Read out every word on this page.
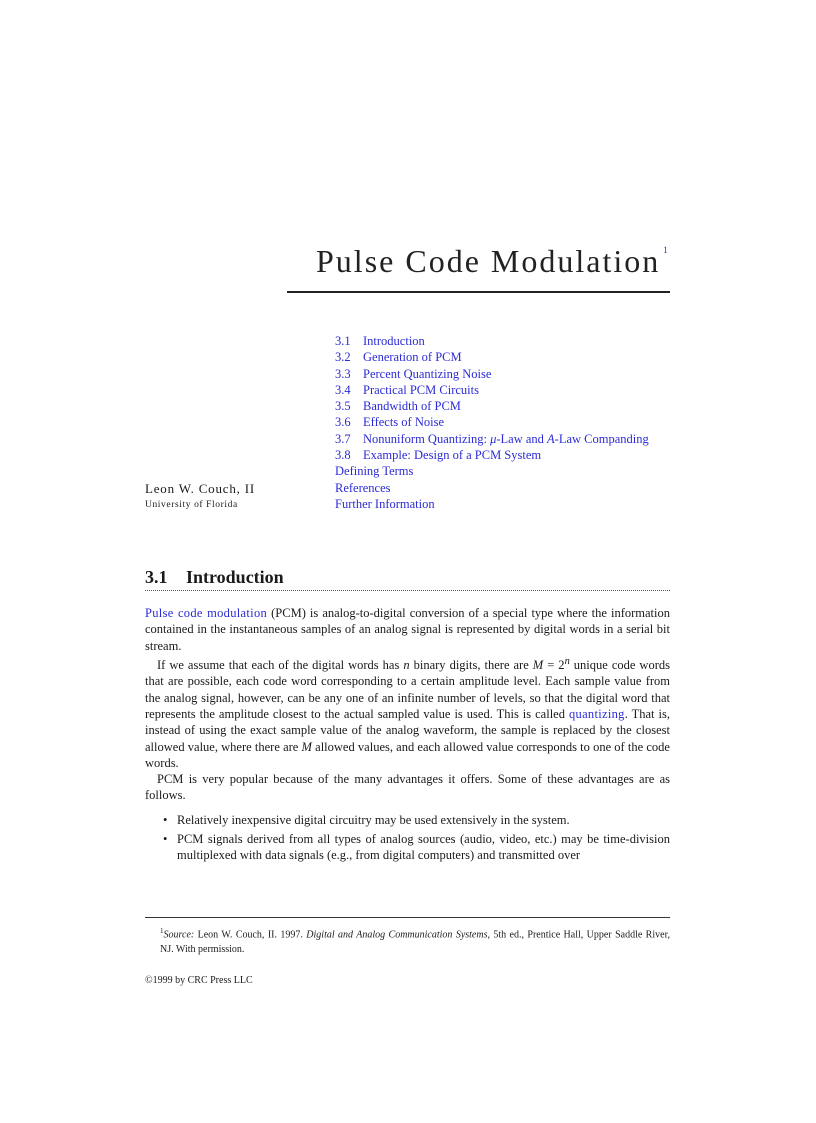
Pulse Code Modulation $^1$
3.1 Introduction
3.2 Generation of PCM
3.3 Percent Quantizing Noise
3.4 Practical PCM Circuits
3.5 Bandwidth of PCM
3.6 Effects of Noise
3.7 Nonuniform Quantizing: μ-Law and A-Law Companding
3.8 Example: Design of a PCM System
Defining Terms
References
Further Information
Leon W. Couch, II
University of Florida
3.1 Introduction

Pulse code modulation (PCM) is analog-to-digital conversion of a special type where the information contained in the instantaneous samples of an analog signal is represented by digital words in a serial bit stream.

If we assume that each of the digital words has n binary digits, there are $M = 2^n$ unique code words that are possible, each code word corresponding to a certain amplitude level. Each sample value from the analog signal, however, can be any one of an infinite number of levels, so that the digital word that represents the amplitude closest to the actual sampled value is used. This is called quantizing. That is, instead of using the exact sample value of the analog waveform, the sample is replaced by the closest allowed value, where there are M allowed values, and each allowed value corresponds to one of the code words.

PCM is very popular because of the many advantages it offers. Some of these advantages are as follows.

• Relatively inexpensive digital circuitry may be used extensively in the system.
• PCM signals derived from all types of analog sources (audio, video, etc.) may be time-division multiplexed with data signals (e.g., from digital computers) and transmitted over
$^1$Source: Leon W. Couch, II. 1997. Digital and Analog Communication Systems, 5th ed., Prentice Hall, Upper Saddle River, NJ. With permission.
©1999 by CRC Press LLC
